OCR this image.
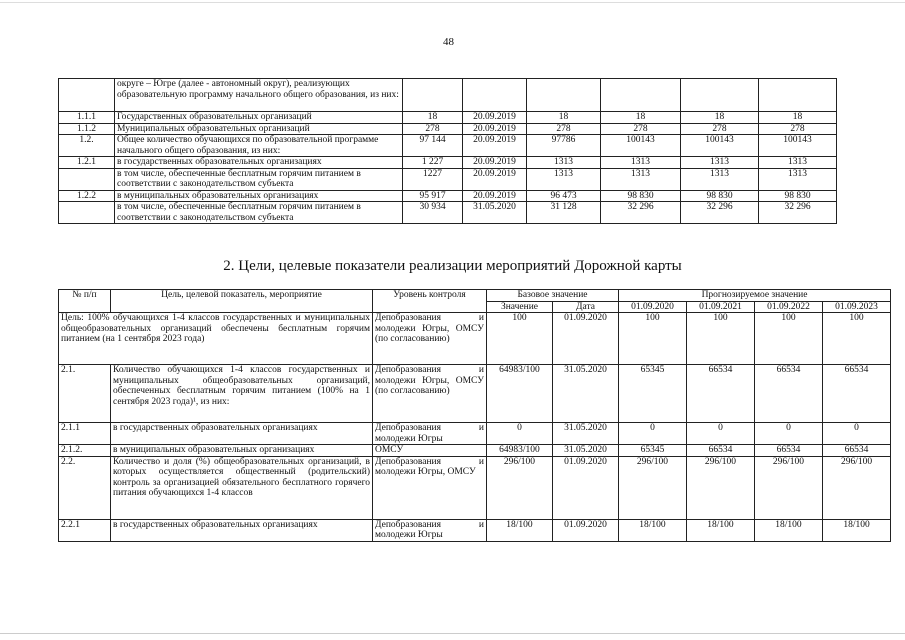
48
	округе – Югре (далее - автономный округ), реализующих образовательную программу начального общего образования, из них:						
1.1.1	Государственных образовательных организаций	18	20.09.2019	18	18	18	18
1.1.2	Муниципальных образовательных организаций	278	20.09.2019	278	278	278	278
1.2.	Общее количество обучающихся по образовательной программе начального общего образования, из них:	97 144	20.09.2019	97786	100143	100143	100143
1.2.1	в государственных образовательных организациях	1 227	20.09.2019	1313	1313	1313	1313
	в том числе, обеспеченные бесплатным горячим питанием в соответствии с законодательством субъекта	1227	20.09.2019	1313	1313	1313	1313
1.2.2	в муниципальных образовательных организациях	95 917	20.09.2019	96 473	98 830	98 830	98 830
	в том числе, обеспеченные бесплатным горячим питанием в соответствии с законодательством субъекта	30 934	31.05.2020	31 128	32 296	32 296	32 296
2. Цели, целевые показатели реализации мероприятий Дорожной карты
№ п/п	Цель, целевой показатель, мероприятие	Уровень контроля	Базовое значение		Прогнозируемое значение			
			Значение	Дата	01.09.2020	01.09.2021	01.09.2022	01.09.2023
Цель: 100% обучающихся 1-4 классов государственных и муниципальных общеобразовательных организаций обеспечены бесплатным горячим питанием (на 1 сентября 2023 года)		Депобразования и молодежи Югры, ОМСУ (по согласованию)	100	01.09.2020	100	100	100	100
2.1.	Количество обучающихся 1-4 классов государственных и муниципальных общеобразовательных организаций, обеспеченных бесплатным горячим питанием (100% на 1 сентября 2023 года)¹, из них:	Депобразования и молодежи Югры, ОМСУ (по согласованию)	64983/100	31.05.2020	65345	66534	66534	66534
2.1.1	в государственных образовательных организациях	Депобразования и молодежи Югры	0	31.05.2020	0	0	0	0
2.1.2.	в муниципальных образовательных организациях	ОМСУ	64983/100	31.05.2020	65345	66534	66534	66534
2.2.	Количество и доля (%) общеобразовательных организаций, в которых осуществляется общественный (родительский) контроль за организацией обязательного бесплатного горячего питания обучающихся 1-4 классов	Депобразования и молодежи Югры, ОМСУ	296/100	01.09.2020	296/100	296/100	296/100	296/100
2.2.1	в государственных образовательных организациях	Депобразования и молодежи Югры	18/100	01.09.2020	18/100	18/100	18/100	18/100
